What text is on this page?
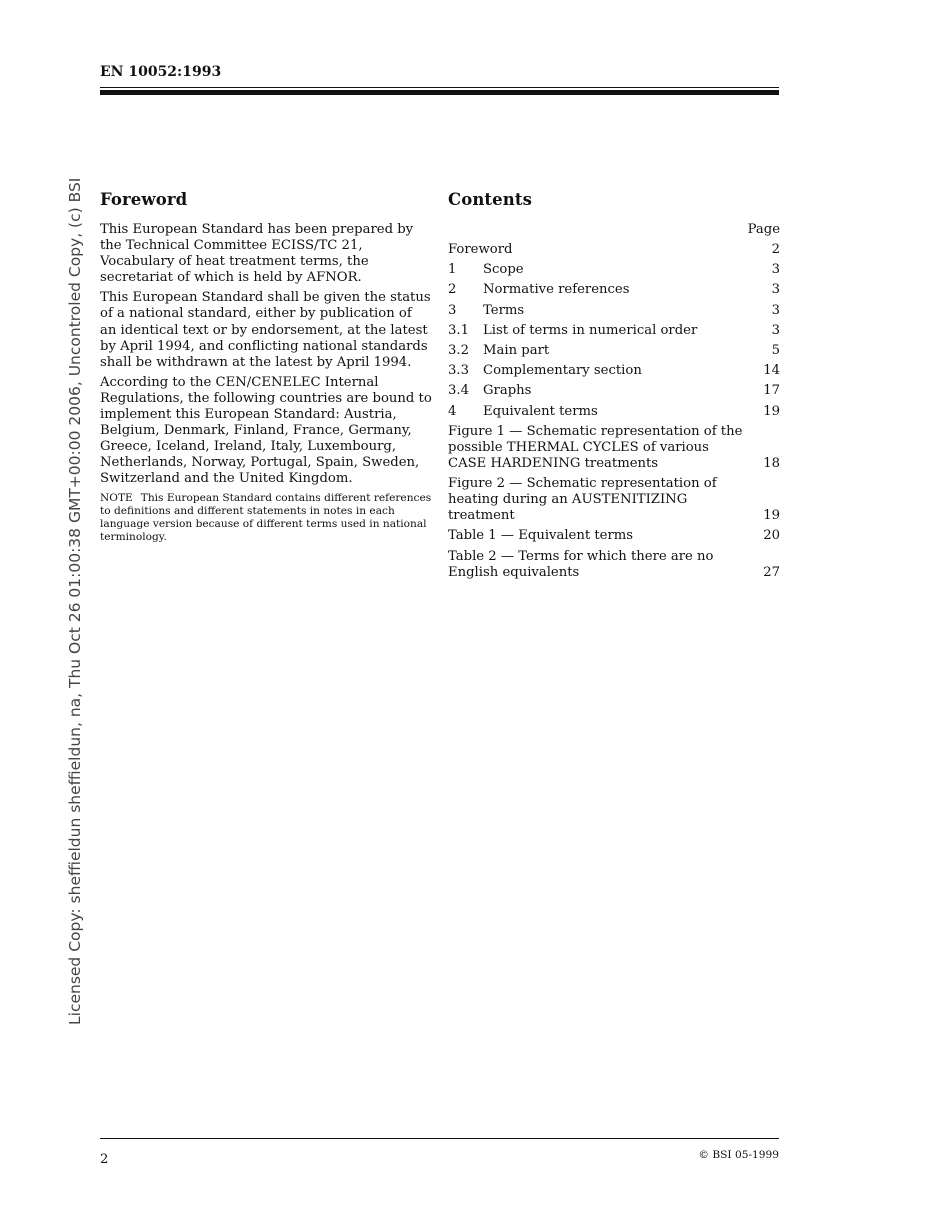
EN 10052:1993
Licensed Copy: sheffieldun sheffieldun, na, Thu Oct 26 01:00:38 GMT+00:00 2006, Uncontroled Copy, (c) BSI Foreword

This European Standard has been prepared by the Technical Committee ECISS/TC 21, Vocabulary of heat treatment terms, the secretariat of which is held by AFNOR.

This European Standard shall be given the status of a national standard, either by publication of an identical text or by endorsement, at the latest by April 1994, and conflicting national standards shall be withdrawn at the latest by April 1994.

According to the CEN/CENELEC Internal Regulations, the following countries are bound to implement this European Standard: Austria, Belgium, Denmark, Finland, France, Germany, Greece, Iceland, Ireland, Italy, Luxembourg, Netherlands, Norway, Portugal, Spain, Sweden, Switzerland and the United Kingdom.

NOTE This European Standard contains different references to definitions and different statements in notes in each language version because of different terms used in national terminology.

Contents
Page
Foreword	2
1	Scope	3
2	Normative references	3
3	Terms	3
3.1	List of terms in numerical order	3
3.2	Main part	5
3.3	Complementary section	14
3.4	Graphs	17
4	Equivalent terms	19
Figure 1 — Schematic representation of the possible THERMAL CYCLES of various CASE HARDENING treatments	18
Figure 2 — Schematic representation of heating during an AUSTENITIZING treatment	19
Table 1 — Equivalent terms	20
Table 2 — Terms for which there are no English equivalents	27
2	© BSI 05-1999
